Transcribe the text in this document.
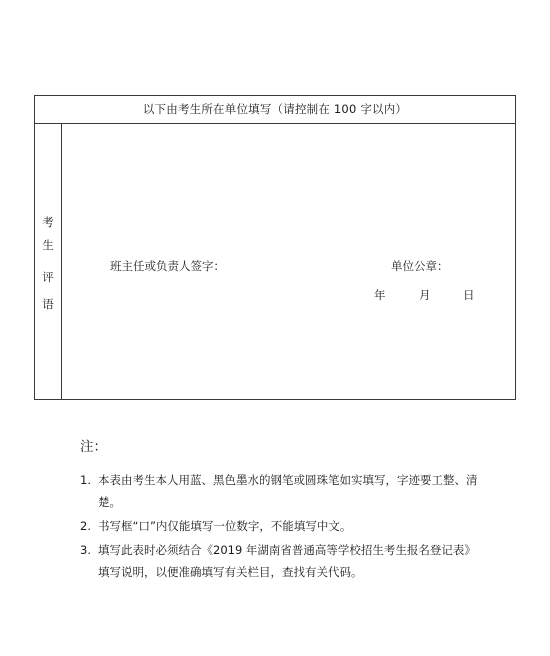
以下由考生所在单位填写（请控制在 100 字以内）
考
生
评
语
班主任或负责人签字：	单位公章：
年	月	日
注：
1. 本表由考生本人用蓝、黑色墨水的钢笔或圆珠笔如实填写，字迹要工整、清楚。
2. 书写框“口”内仅能填写一位数字，不能填写中文。
3. 填写此表时必须结合《2019 年湖南省普通高等学校招生考生报名登记表》填写说明，以便准确填写有关栏目，查找有关代码。
